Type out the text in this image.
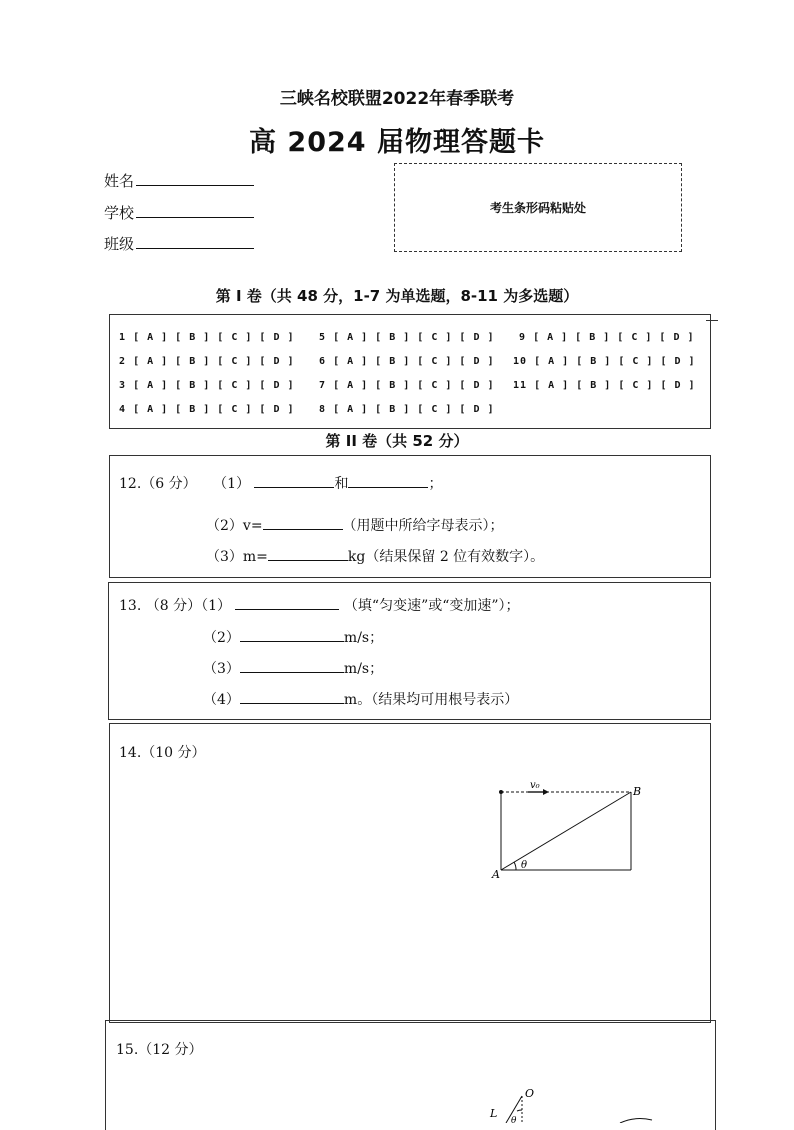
三峡名校联盟2022年春季联考
高 2024 届物理答题卡
姓名
学校
班级
考生条形码粘贴处
第 I 卷（共 48 分，1-7 为单选题，8-11 为多选题）
1 [ A ] [ B ] [ C ] [ D ]
2 [ A ] [ B ] [ C ] [ D ]
3 [ A ] [ B ] [ C ] [ D ]
4 [ A ] [ B ] [ C ] [ D ]
5 [ A ] [ B ] [ C ] [ D ]
6 [ A ] [ B ] [ C ] [ D ]
7 [ A ] [ B ] [ C ] [ D ]
8 [ A ] [ B ] [ C ] [ D ]
9 [ A ] [ B ] [ C ] [ D ]
10 [ A ] [ B ] [ C ] [ D ]
11 [ A ] [ B ] [ C ] [ D ]
第 II 卷（共 52 分）
12.（6 分） （1）	和	；
（2）v=	（用题中所给字母表示）；
（3）m=	kg（结果保留 2 位有效数字）。
13. （8 分）（1）	（填“匀变速”或“变加速”）；
（2）	m/s；
（3）	m/s；
（4）	m。（结果均可用根号表示）
14.（10 分）
v₀	B
A
θ
15.（12 分）
O
L
θ
